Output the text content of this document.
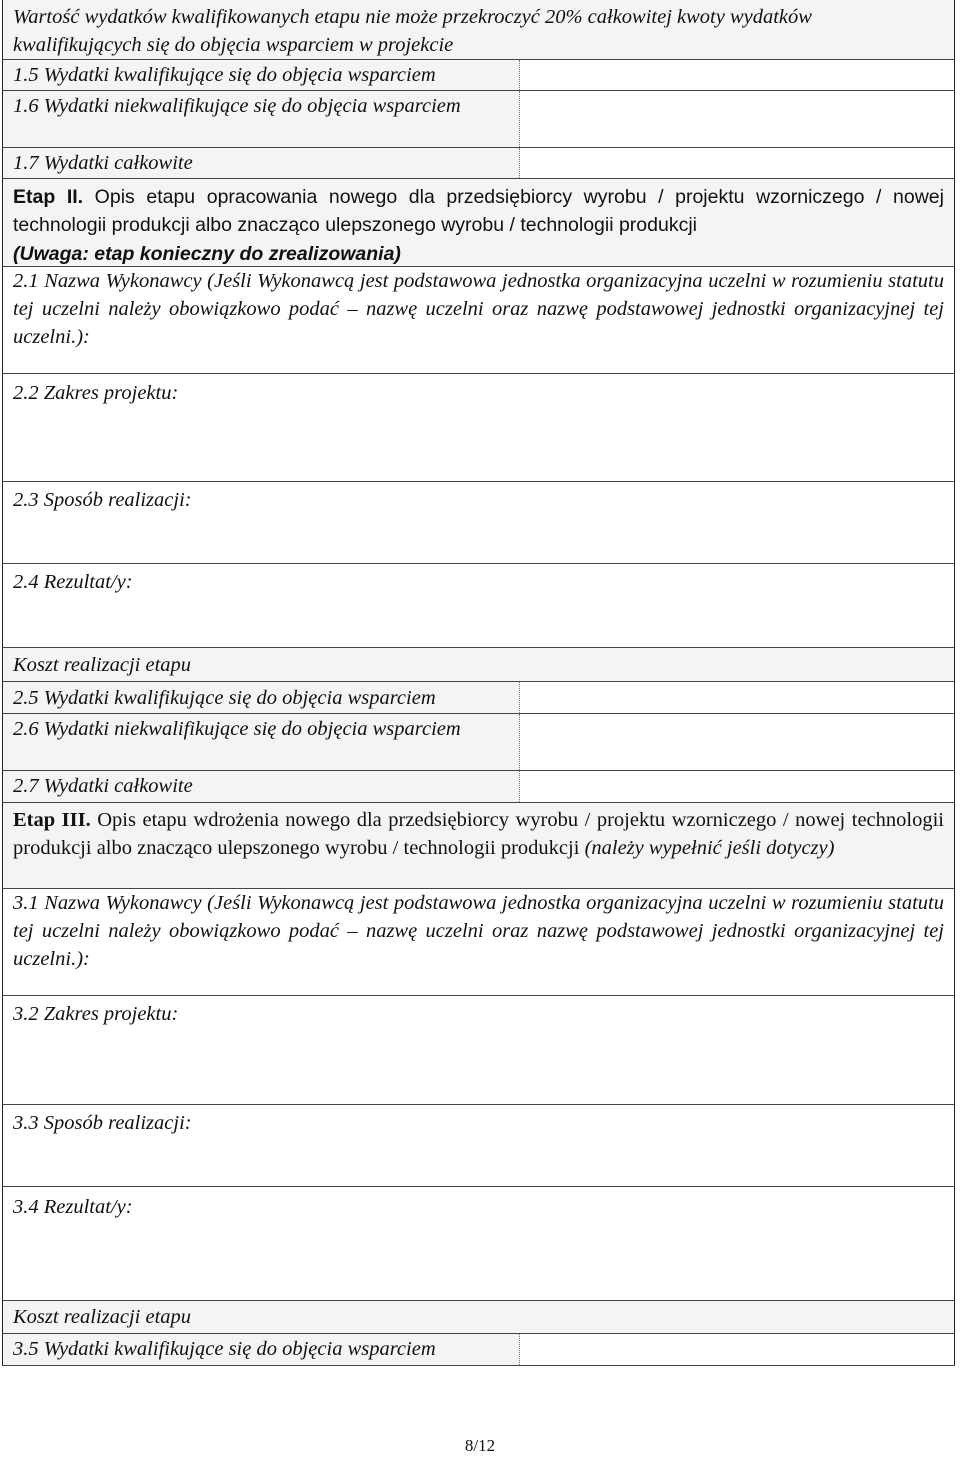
Wartość wydatków kwalifikowanych etapu nie może przekroczyć 20% całkowitej kwoty wydatków kwalifikujących się do objęcia wsparciem w projekcie
1.5 Wydatki kwalifikujące się do objęcia wsparciem
1.6 Wydatki niekwalifikujące się do objęcia wsparciem
1.7 Wydatki całkowite
Etap II. Opis etapu opracowania nowego dla przedsiębiorcy wyrobu / projektu wzorniczego / nowej technologii produkcji albo znacząco ulepszonego wyrobu / technologii produkcji
(Uwaga: etap konieczny do zrealizowania)
2.1 Nazwa Wykonawcy (Jeśli Wykonawcą jest podstawowa jednostka organizacyjna uczelni w rozumieniu statutu tej uczelni należy obowiązkowo podać – nazwę uczelni oraz nazwę podstawowej jednostki organizacyjnej tej uczelni.):
2.2 Zakres projektu:
2.3 Sposób realizacji:
2.4 Rezultat/y:
Koszt realizacji etapu
2.5 Wydatki kwalifikujące się do objęcia wsparciem
2.6 Wydatki niekwalifikujące się do objęcia wsparciem
2.7 Wydatki całkowite
Etap III. Opis etapu wdrożenia nowego dla przedsiębiorcy wyrobu / projektu wzorniczego / nowej technologii produkcji albo znacząco ulepszonego wyrobu / technologii produkcji (należy wypełnić jeśli dotyczy)
3.1 Nazwa Wykonawcy (Jeśli Wykonawcą jest podstawowa jednostka organizacyjna uczelni w rozumieniu statutu tej uczelni należy obowiązkowo podać – nazwę uczelni oraz nazwę podstawowej jednostki organizacyjnej tej uczelni.):
3.2 Zakres projektu:
3.3 Sposób realizacji:
3.4 Rezultat/y:
Koszt realizacji etapu
3.5 Wydatki kwalifikujące się do objęcia wsparciem
8/12
